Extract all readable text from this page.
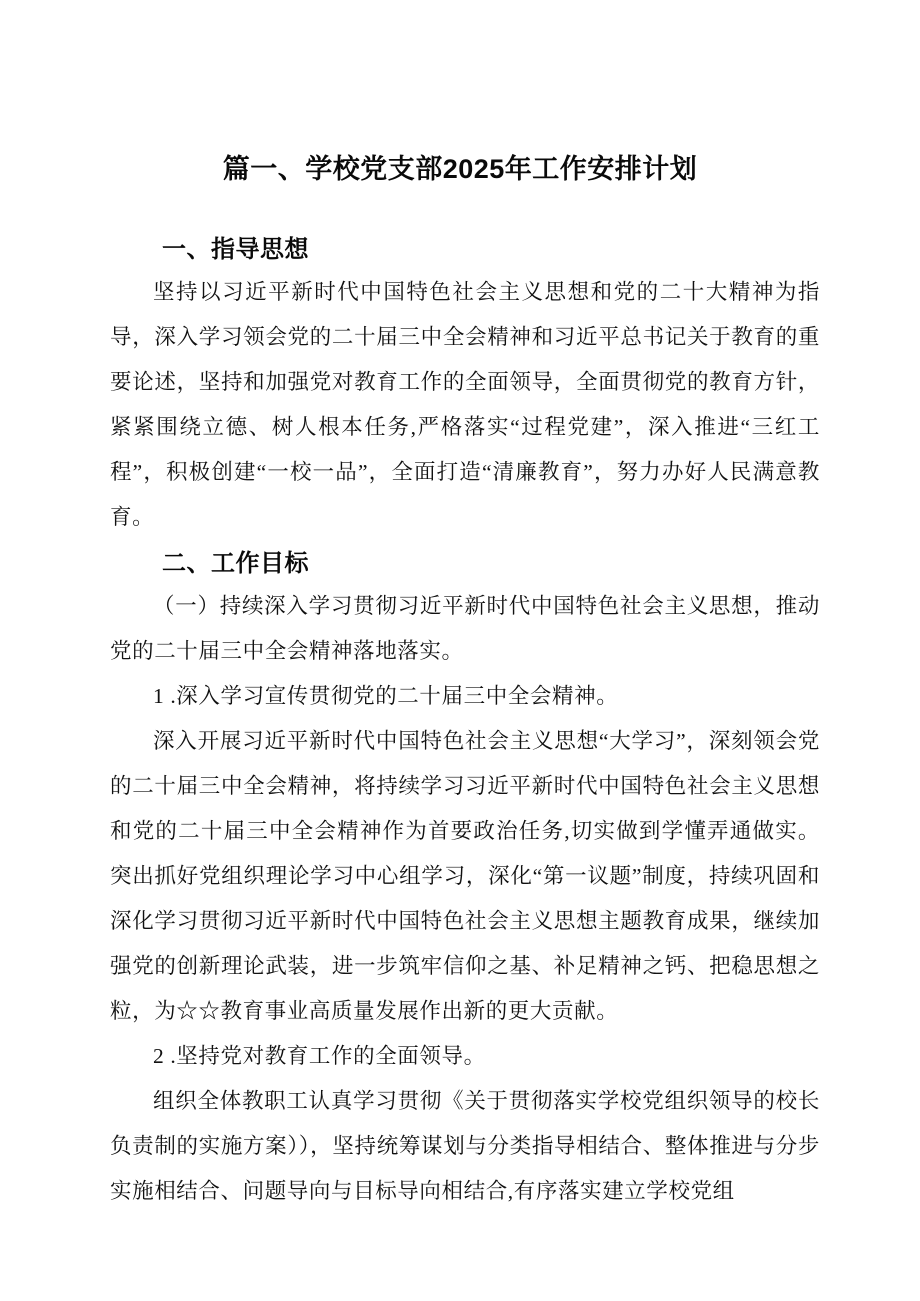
篇一、学校党支部2025年工作安排计划
一、指导思想

坚持以习近平新时代中国特色社会主义思想和党的二十大精神为指导，深入学习领会党的二十届三中全会精神和习近平总书记关于教育的重要论述，坚持和加强党对教育工作的全面领导，全面贯彻党的教育方针，紧紧围绕立德、树人根本任务,严格落实“过程党建”，深入推进“三红工程”，积极创建“一校一品”，全面打造“清廉教育”，努力办好人民满意教育。

二、工作目标

（一）持续深入学习贯彻习近平新时代中国特色社会主义思想，推动党的二十届三中全会精神落地落实。

1 .深入学习宣传贯彻党的二十届三中全会精神。

深入开展习近平新时代中国特色社会主义思想“大学习”，深刻领会党的二十届三中全会精神，将持续学习习近平新时代中国特色社会主义思想和党的二十届三中全会精神作为首要政治任务,切实做到学懂弄通做实。突出抓好党组织理论学习中心组学习，深化“第一议题”制度，持续巩固和深化学习贯彻习近平新时代中国特色社会主义思想主题教育成果，继续加强党的创新理论武装，进一步筑牢信仰之基、补足精神之钙、把稳思想之粒，为☆☆教育事业高质量发展作出新的更大贡献。

2 .坚持党对教育工作的全面领导。

组织全体教职工认真学习贯彻《关于贯彻落实学校党组织领导的校长负责制的实施方案）），坚持统筹谋划与分类指导相结合、整体推进与分步实施相结合、问题导向与目标导向相结合,有序落实建立学校党组
